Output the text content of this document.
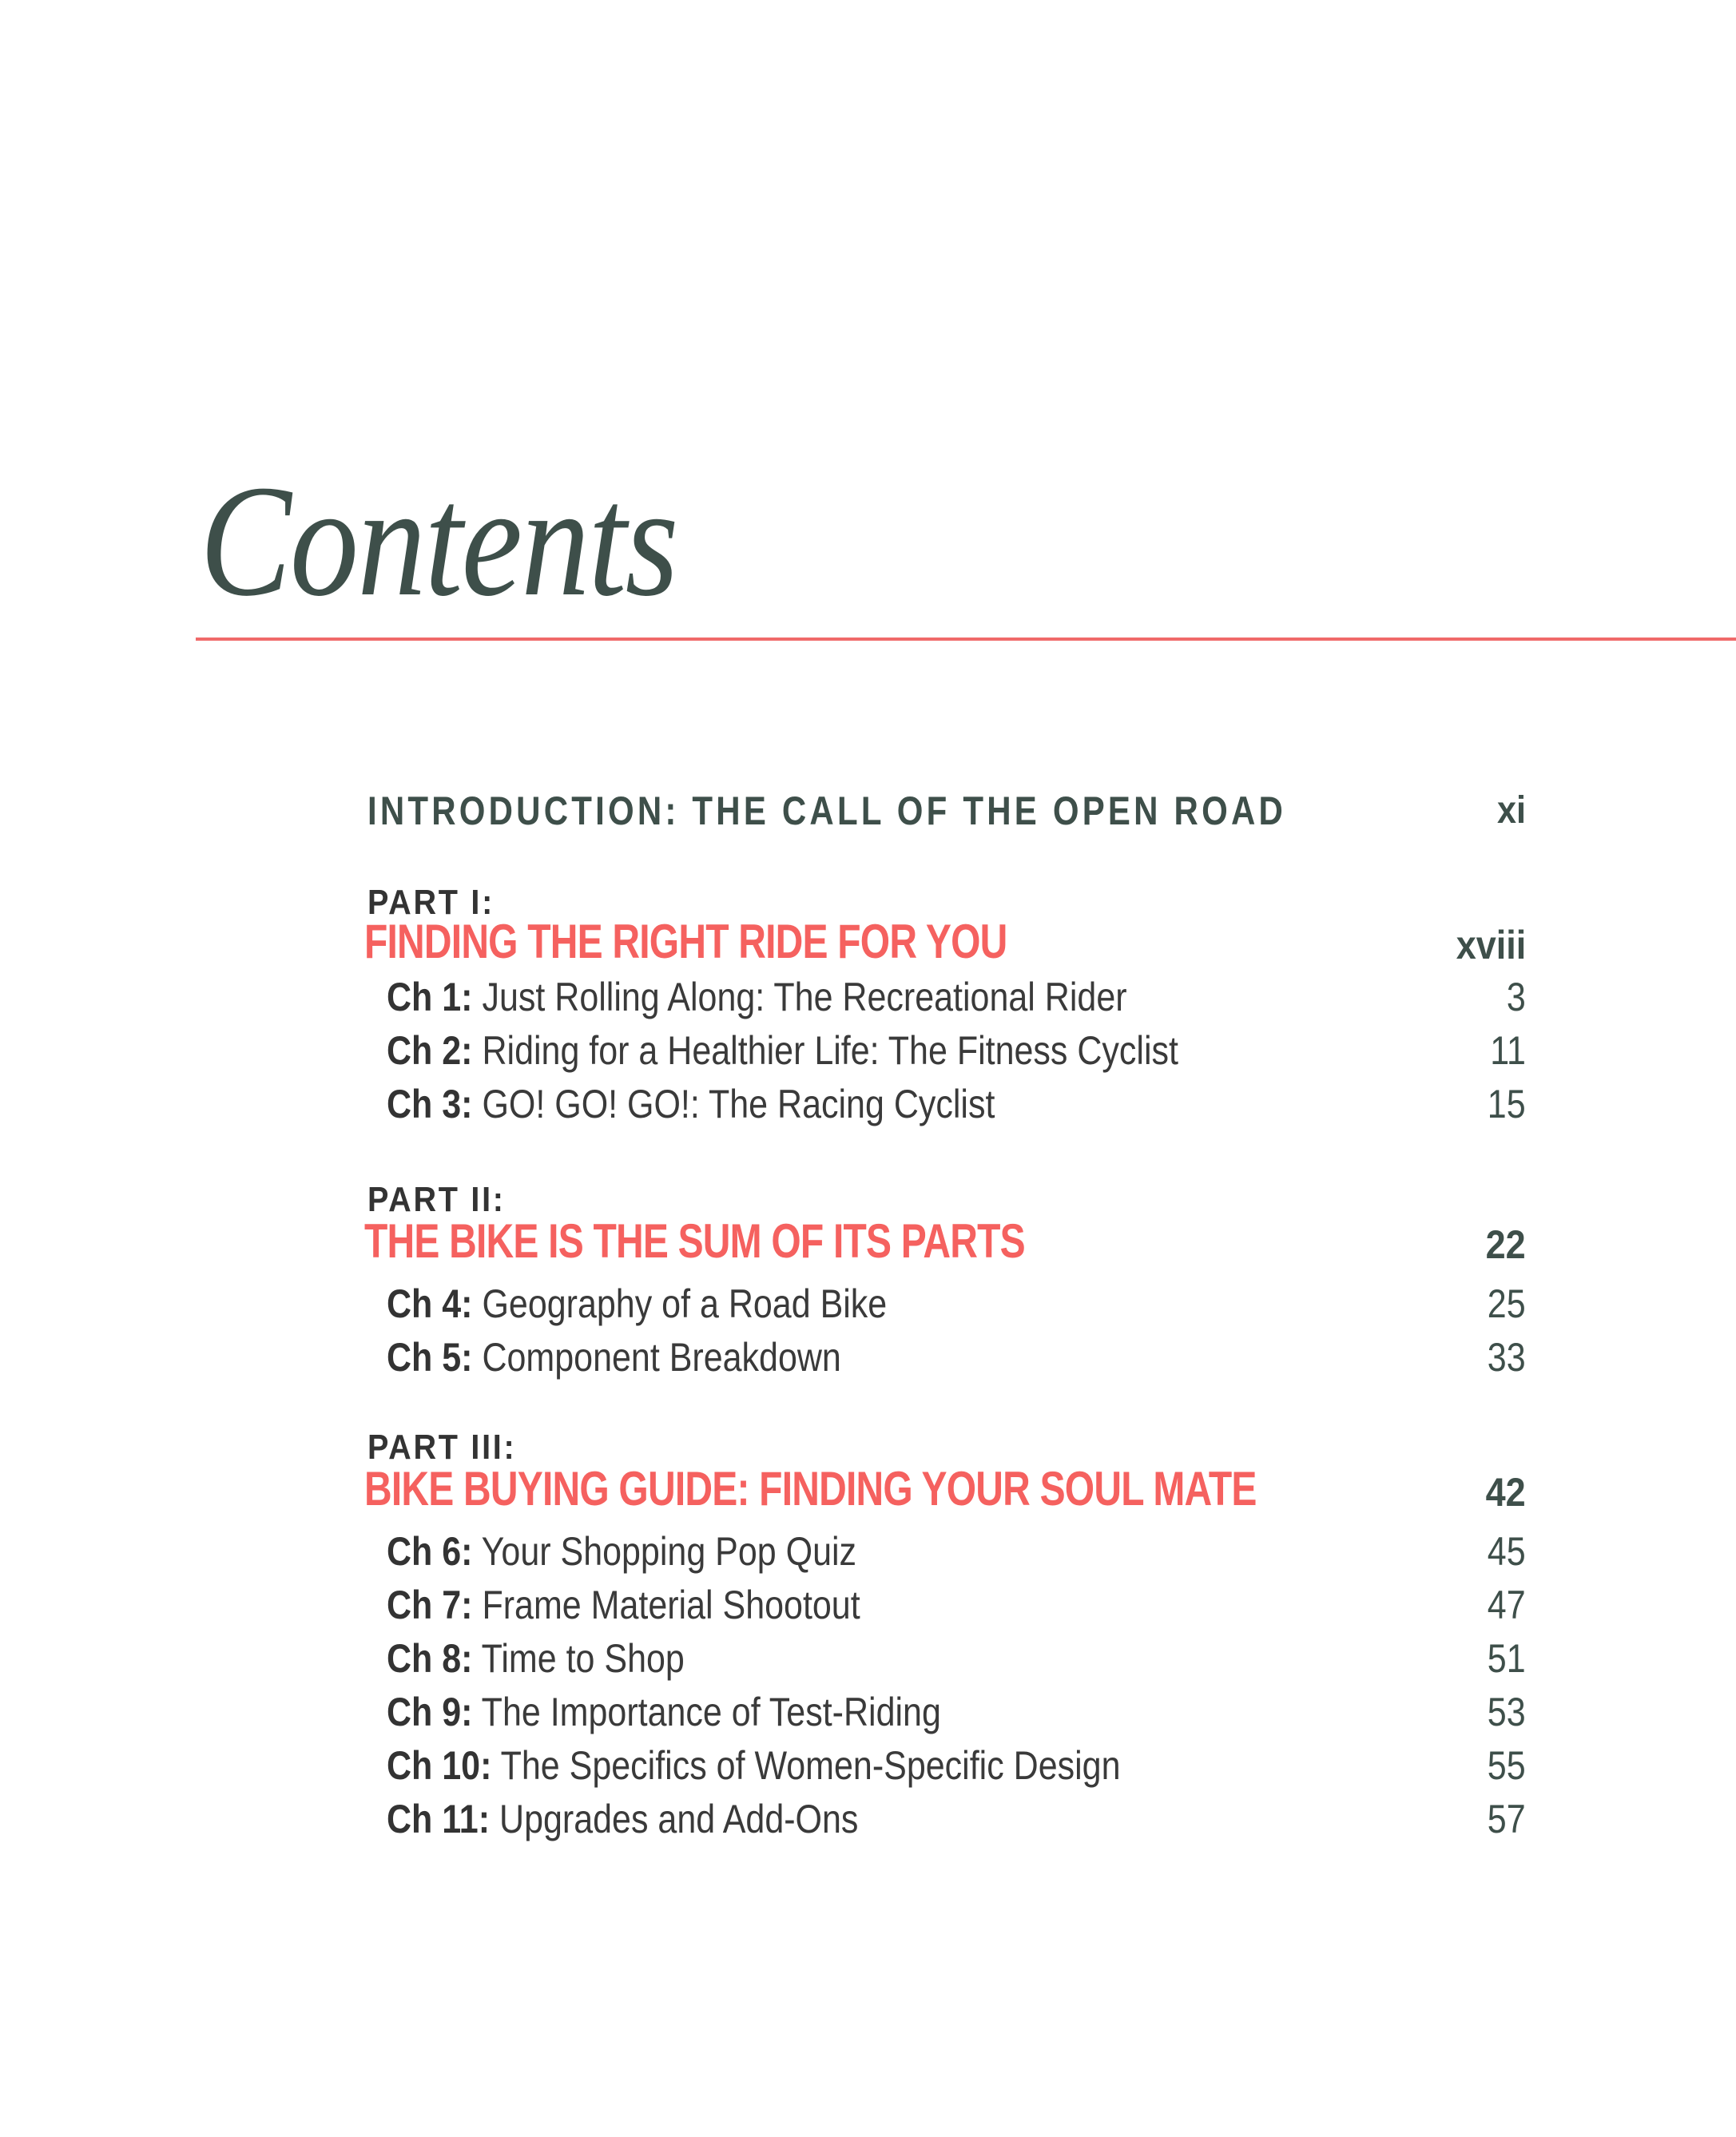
Contents
INTRODUCTION: THE CALL OF THE OPEN ROAD	xi
PART I:
FINDING THE RIGHT RIDE FOR YOU	xviii
Ch 1: Just Rolling Along: The Recreational Rider	3
Ch 2: Riding for a Healthier Life: The Fitness Cyclist	11
Ch 3: GO! GO! GO!: The Racing Cyclist	15
PART II:
THE BIKE IS THE SUM OF ITS PARTS	22
Ch 4: Geography of a Road Bike	25
Ch 5: Component Breakdown	33
PART III:
BIKE BUYING GUIDE: FINDING YOUR SOUL MATE	42
Ch 6: Your Shopping Pop Quiz	45
Ch 7: Frame Material Shootout	47
Ch 8: Time to Shop	51
Ch 9: The Importance of Test-Riding	53
Ch 10: The Specifics of Women-Specific Design	55
Ch 11: Upgrades and Add-Ons	57
